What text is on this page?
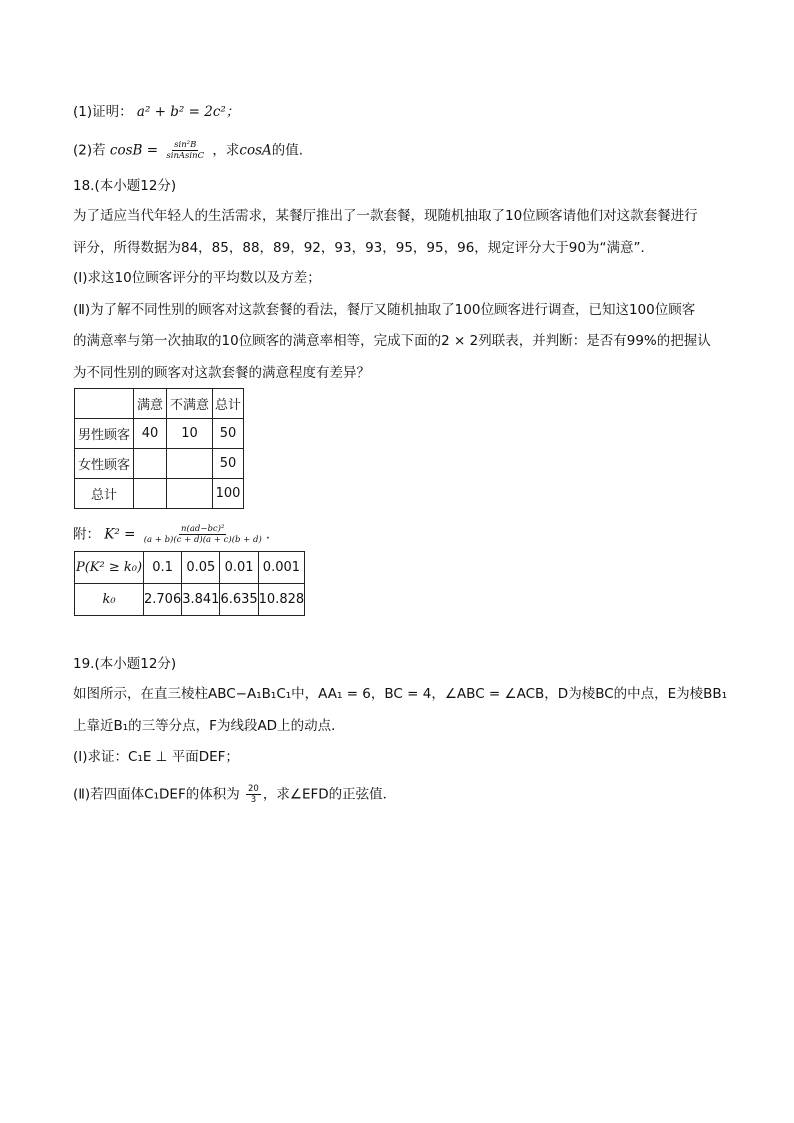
(1)证明： a² + b² = 2c²；
(2)若 $\cos B = \frac{\text{sin²B}}{\text{sinAsinC}}$ ，求cosA的值.
18.(本小题12分)
为了适应当代年轻人的生活需求，某餐厅推出了一款套餐，现随机抽取了10位顾客请他们对这款套餐进行
评分，所得数据为84，85，88，89，92，93，93，95，95，96，规定评分大于90为“满意”．
(Ⅰ)求这10位顾客评分的平均数以及方差；
(Ⅱ)为了解不同性别的顾客对这款套餐的看法，餐厅又随机抽取了100位顾客进行调查，已知这100位顾客
的满意率与第一次抽取的10位顾客的满意率相等，完成下面的2 × 2列联表，并判断：是否有99%的把握认
为不同性别的顾客对这款套餐的满意程度有差异？
	满意	不满意	总计
男性顾客	40	10	50
女性顾客			50
总计			100
附： $K^2 = \frac{\text{n(ad−bc)²}}{(a + b)(c + d)(a + c)(b + d)}$ .
P(K² ≥ k₀)	0.1	0.05	0.01	0.001
k₀	2.706	3.841	6.635	10.828
19.(本小题12分)
如图所示，在直三棱柱ABC−A₁B₁C₁中，AA₁ = 6，BC = 4，∠ABC = ∠ACB，D为棱BC的中点，E为棱BB₁
上靠近B₁的三等分点，F为线段AD上的动点．
(Ⅰ)求证：C₁E ⊥ 平面DEF；
(Ⅱ)若四面体C₁DEF的体积为 $\frac{20}{3}$ ，求∠EFD的正弦值．
